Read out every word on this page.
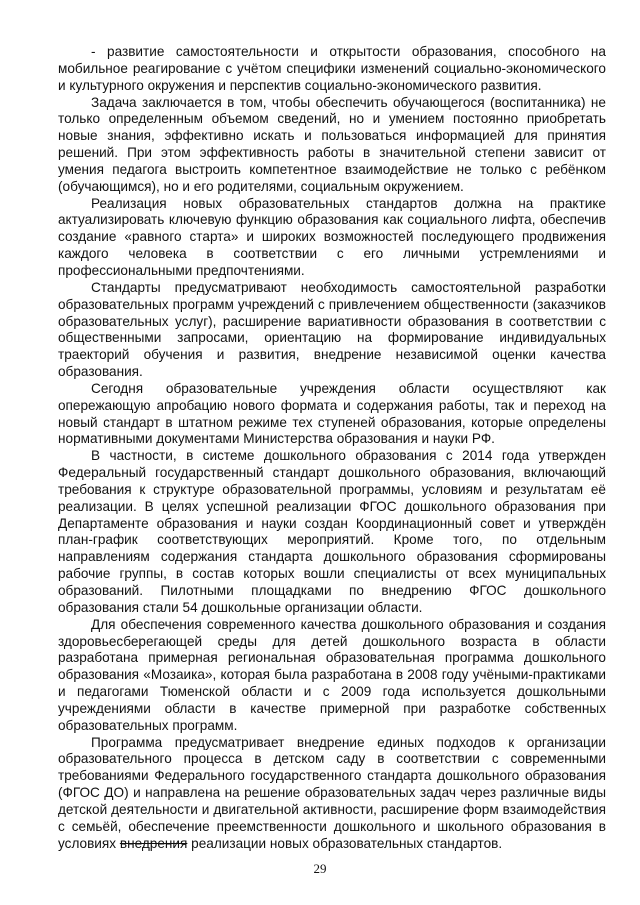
- развитие самостоятельности и открытости образования, способного на мобильное реагирование с учётом специфики изменений социально-экономического и культурного окружения и перспектив социально-экономического развития.

Задача заключается в том, чтобы обеспечить обучающегося (воспитанника) не только определенным объемом сведений, но и умением постоянно приобретать новые знания, эффективно искать и пользоваться информацией для принятия решений. При этом эффективность работы в значительной степени зависит от умения педагога выстроить компетентное взаимодействие не только с ребёнком (обучающимся), но и его родителями, социальным окружением.

Реализация новых образовательных стандартов должна на практике актуализировать ключевую функцию образования как социального лифта, обеспечив создание «равного старта» и широких возможностей последующего продвижения каждого человека в соответствии с его личными устремлениями и профессиональными предпочтениями.

Стандарты предусматривают необходимость самостоятельной разработки образовательных программ учреждений с привлечением общественности (заказчиков образовательных услуг), расширение вариативности образования в соответствии с общественными запросами, ориентацию на формирование индивидуальных траекторий обучения и развития, внедрение независимой оценки качества образования.

Сегодня образовательные учреждения области осуществляют как опережающую апробацию нового формата и содержания работы, так и переход на новый стандарт в штатном режиме тех ступеней образования, которые определены нормативными документами Министерства образования и науки РФ.

В частности, в системе дошкольного образования с 2014 года утвержден Федеральный государственный стандарт дошкольного образования, включающий требования к структуре образовательной программы, условиям и результатам её реализации. В целях успешной реализации ФГОС дошкольного образования при Департаменте образования и науки создан Координационный совет и утверждён план-график соответствующих мероприятий. Кроме того, по отдельным направлениям содержания стандарта дошкольного образования сформированы рабочие группы, в состав которых вошли специалисты от всех муниципальных образований. Пилотными площадками по внедрению ФГОС дошкольного образования стали 54 дошкольные организации области.

Для обеспечения современного качества дошкольного образования и создания здоровьесберегающей среды для детей дошкольного возраста в области разработана примерная региональная образовательная программа дошкольного образования «Мозаика», которая была разработана в 2008 году учёными-практиками и педагогами Тюменской области и с 2009 года используется дошкольными учреждениями области в качестве примерной при разработке собственных образовательных программ.

Программа предусматривает внедрение единых подходов к организации образовательного процесса в детском саду в соответствии с современными требованиями Федерального государственного стандарта дошкольного образования (ФГОС ДО) и направлена на решение образовательных задач через различные виды детской деятельности и двигательной активности, расширение форм взаимодействия с семьёй, обеспечение преемственности дошкольного и школьного образования в условиях внедрения реализации новых образовательных стандартов.

29
